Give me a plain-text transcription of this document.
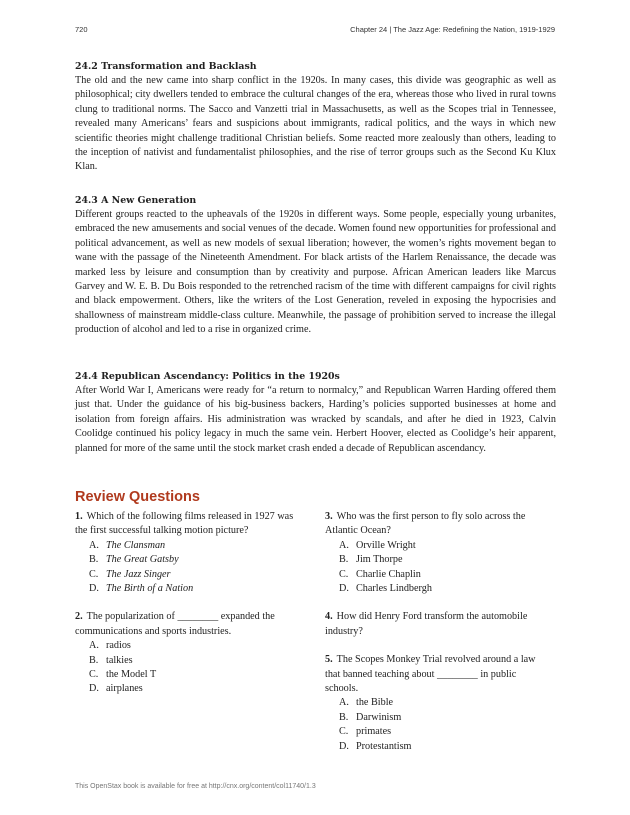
720	Chapter 24 | The Jazz Age: Redefining the Nation, 1919-1929
24.2 Transformation and Backlash

The old and the new came into sharp conflict in the 1920s. In many cases, this divide was geographic as well as philosophical; city dwellers tended to embrace the cultural changes of the era, whereas those who lived in rural towns clung to traditional norms. The Sacco and Vanzetti trial in Massachusetts, as well as the Scopes trial in Tennessee, revealed many Americans’ fears and suspicions about immigrants, radical politics, and the ways in which new scientific theories might challenge traditional Christian beliefs. Some reacted more zealously than others, leading to the inception of nativist and fundamentalist philosophies, and the rise of terror groups such as the Second Ku Klux Klan.

24.3 A New Generation

Different groups reacted to the upheavals of the 1920s in different ways. Some people, especially young urbanites, embraced the new amusements and social venues of the decade. Women found new opportunities for professional and political advancement, as well as new models of sexual liberation; however, the women’s rights movement began to wane with the passage of the Nineteenth Amendment. For black artists of the Harlem Renaissance, the decade was marked less by leisure and consumption than by creativity and purpose. African American leaders like Marcus Garvey and W. E. B. Du Bois responded to the retrenched racism of the time with different campaigns for civil rights and black empowerment. Others, like the writers of the Lost Generation, reveled in exposing the hypocrisies and shallowness of mainstream middle-class culture. Meanwhile, the passage of prohibition served to increase the illegal production of alcohol and led to a rise in organized crime.

24.4 Republican Ascendancy: Politics in the 1920s

After World War I, Americans were ready for “a return to normalcy,” and Republican Warren Harding offered them just that. Under the guidance of his big-business backers, Harding’s policies supported businesses at home and isolation from foreign affairs. His administration was wracked by scandals, and after he died in 1923, Calvin Coolidge continued his policy legacy in much the same vein. Herbert Hoover, elected as Coolidge’s heir apparent, planned for more of the same until the stock market crash ended a decade of Republican ascendancy.

Review Questions

1. Which of the following films released in 1927 was the first successful talking motion picture?

A. The Clansman
B. The Great Gatsby
C. The Jazz Singer
D. The Birth of a Nation

2. The popularization of ________ expanded the communications and sports industries.

A. radios
B. talkies
C. the Model T
D. airplanes

3. Who was the first person to fly solo across the Atlantic Ocean?

A. Orville Wright
B. Jim Thorpe
C. Charlie Chaplin
D. Charles Lindbergh

4. How did Henry Ford transform the automobile industry?

5. The Scopes Monkey Trial revolved around a law that banned teaching about ________ in public schools.

A. the Bible
B. Darwinism
C. primates
D. Protestantism
This OpenStax book is available for free at http://cnx.org/content/col11740/1.3
